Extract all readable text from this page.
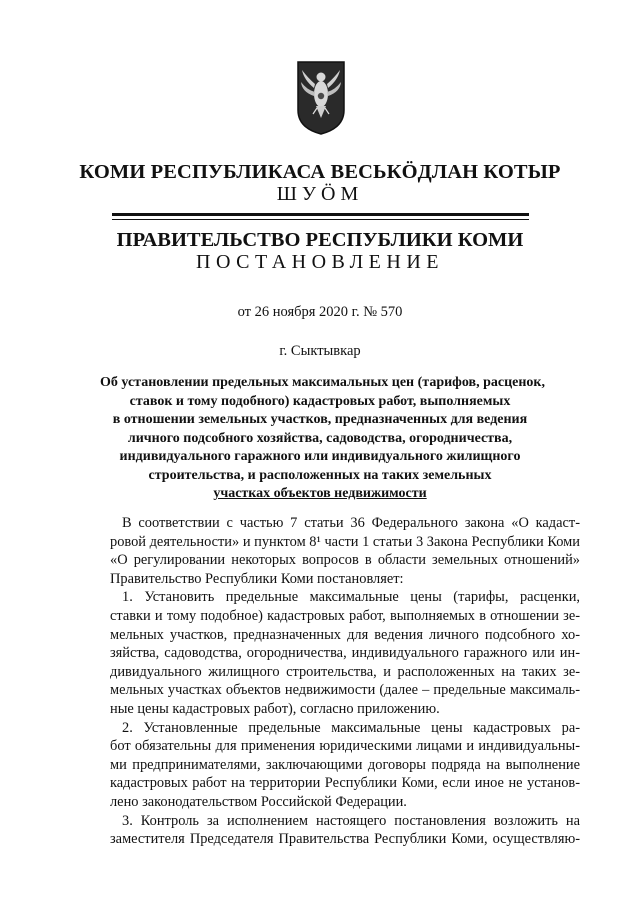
КОМИ РЕСПУБЛИКАСА ВЕСЬКӦДЛАН КОТЫР
ШУӦМ
ПРАВИТЕЛЬСТВО РЕСПУБЛИКИ КОМИ
ПОСТАНОВЛЕНИЕ
от 26 ноября 2020 г. № 570
г. Сыктывкар
Об установлении предельных максимальных цен (тарифов, расценок,
ставок и тому подобного) кадастровых работ, выполняемых
в отношении земельных участков, предназначенных для ведения
личного подсобного хозяйства, садоводства, огородничества,
индивидуального гаражного или индивидуального жилищного
строительства, и расположенных на таких земельных
участках объектов недвижимости
В соответствии с частью 7 статьи 36 Федерального закона «О кадаст-
ровой деятельности» и пунктом 8¹ части 1 статьи 3 Закона Республики Коми
«О регулировании некоторых вопросов в области земельных отношений»
Правительство Республики Коми постановляет:
1. Установить предельные максимальные цены (тарифы, расценки,
ставки и тому подобное) кадастровых работ, выполняемых в отношении зе-
мельных участков, предназначенных для ведения личного подсобного хо-
зяйства, садоводства, огородничества, индивидуального гаражного или ин-
дивидуального жилищного строительства, и расположенных на таких зе-
мельных участках объектов недвижимости (далее – предельные максималь-
ные цены кадастровых работ), согласно приложению.
2. Установленные предельные максимальные цены кадастровых ра-
бот обязательны для применения юридическими лицами и индивидуальны-
ми предпринимателями, заключающими договоры подряда на выполнение
кадастровых работ на территории Республики Коми, если иное не установ-
лено законодательством Российской Федерации.
3. Контроль за исполнением настоящего постановления возложить на
заместителя Председателя Правительства Республики Коми, осуществляю-
